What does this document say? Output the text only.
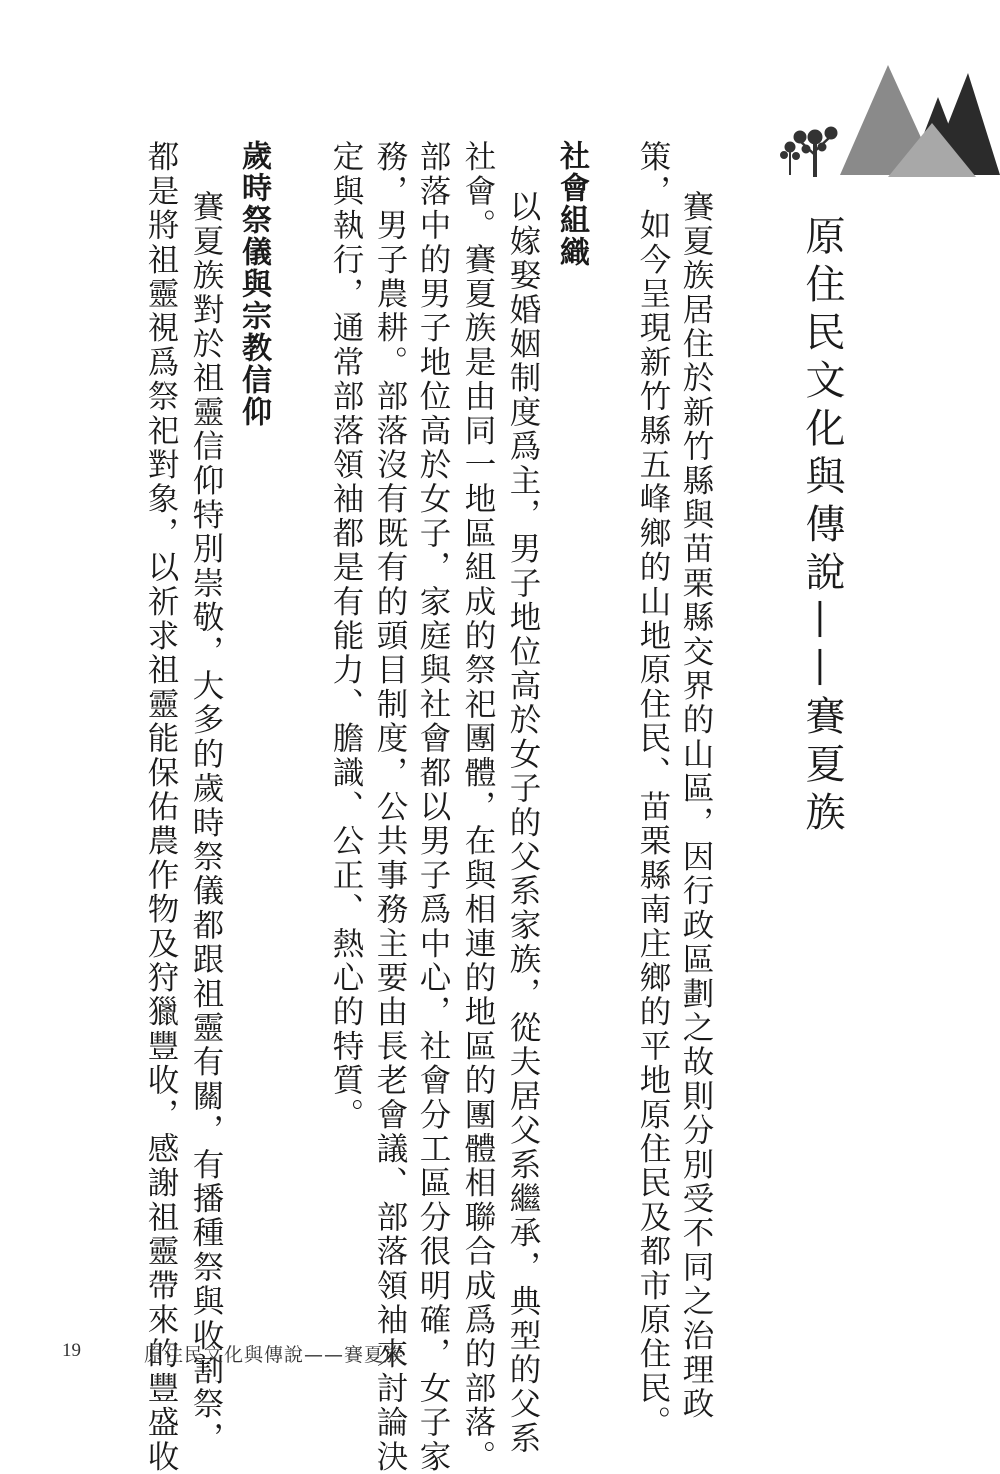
原住民文化與傳說——賽夏族
賽夏族居住於新竹縣與苗栗縣交界的山區，因行政區劃之故則分別受不同之治理政
策，如今呈現新竹縣五峰鄉的山地原住民、苗栗縣南庄鄉的平地原住民及都市原住民。
社會組織
以嫁娶婚姻制度爲主，男子地位高於女子的父系家族，從夫居父系繼承，典型的父系
社會。賽夏族是由同一地區組成的祭祀團體，在與相連的地區的團體相聯合成爲的部落。
部落中的男子地位高於女子，家庭與社會都以男子爲中心，社會分工區分很明確，女子家
務，男子農耕。部落沒有既有的頭目制度，公共事務主要由長老會議、部落領袖來討論決
定與執行，通常部落領袖都是有能力、膽識、公正、熱心的特質。
歲時祭儀與宗教信仰
賽夏族對於祖靈信仰特別崇敬，大多的歲時祭儀都跟祖靈有關，有播種祭與收割祭，
都是將祖靈視爲祭祀對象，以祈求祖靈能保佑農作物及狩獵豐收，感謝祖靈帶來的豐盛收
19	原住民文化與傳說——賽夏族
